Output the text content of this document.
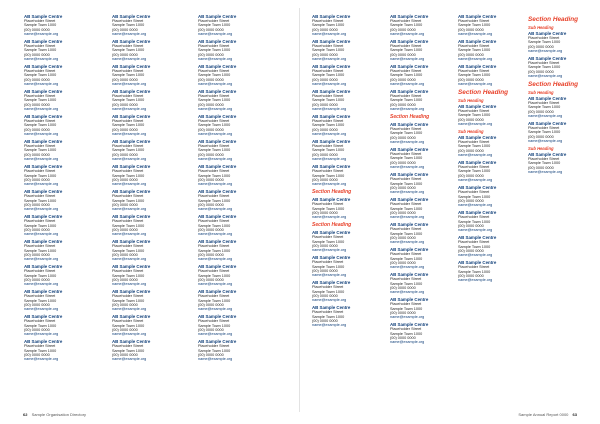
AB Sample Centre
Placeholder Street
Sample Town 1000
(00) 0000 0000
name@example.org
AB Sample Centre
Placeholder Street
Sample Town 1000
(00) 0000 0000
name@example.org
AB Sample Centre
Placeholder Street
Sample Town 1000
(00) 0000 0000
name@example.org
AB Sample Centre
Placeholder Street
Sample Town 1000
(00) 0000 0000
name@example.org
AB Sample Centre
Placeholder Street
Sample Town 1000
(00) 0000 0000
name@example.org
AB Sample Centre
Placeholder Street
Sample Town 1000
(00) 0000 0000
name@example.org
AB Sample Centre
Placeholder Street
Sample Town 1000
(00) 0000 0000
name@example.org
AB Sample Centre
Placeholder Street
Sample Town 1000
(00) 0000 0000
name@example.org
AB Sample Centre
Placeholder Street
Sample Town 1000
(00) 0000 0000
name@example.org
AB Sample Centre
Placeholder Street
Sample Town 1000
(00) 0000 0000
name@example.org
AB Sample Centre
Placeholder Street
Sample Town 1000
(00) 0000 0000
name@example.org
AB Sample Centre
Placeholder Street
Sample Town 1000
(00) 0000 0000
name@example.org
AB Sample Centre
Placeholder Street
Sample Town 1000
(00) 0000 0000
name@example.org
AB Sample Centre
Placeholder Street
Sample Town 1000
(00) 0000 0000
name@example.org
AB Sample Centre
Placeholder Street
Sample Town 1000
(00) 0000 0000
name@example.org
AB Sample Centre
Placeholder Street
Sample Town 1000
(00) 0000 0000
name@example.org
AB Sample Centre
Placeholder Street
Sample Town 1000
(00) 0000 0000
name@example.org
AB Sample Centre
Placeholder Street
Sample Town 1000
(00) 0000 0000
name@example.org
AB Sample Centre
Placeholder Street
Sample Town 1000
(00) 0000 0000
name@example.org
AB Sample Centre
Placeholder Street
Sample Town 1000
(00) 0000 0000
name@example.org
AB Sample Centre
Placeholder Street
Sample Town 1000
(00) 0000 0000
name@example.org
AB Sample Centre
Placeholder Street
Sample Town 1000
(00) 0000 0000
name@example.org
AB Sample Centre
Placeholder Street
Sample Town 1000
(00) 0000 0000
name@example.org
AB Sample Centre
Placeholder Street
Sample Town 1000
(00) 0000 0000
name@example.org
AB Sample Centre
Placeholder Street
Sample Town 1000
(00) 0000 0000
name@example.org
AB Sample Centre
Placeholder Street
Sample Town 1000
(00) 0000 0000
name@example.org
AB Sample Centre
Placeholder Street
Sample Town 1000
(00) 0000 0000
name@example.org
AB Sample Centre
Placeholder Street
Sample Town 1000
(00) 0000 0000
name@example.org
AB Sample Centre
Placeholder Street
Sample Town 1000
(00) 0000 0000
name@example.org
AB Sample Centre
Placeholder Street
Sample Town 1000
(00) 0000 0000
name@example.org
AB Sample Centre
Placeholder Street
Sample Town 1000
(00) 0000 0000
name@example.org
AB Sample Centre
Placeholder Street
Sample Town 1000
(00) 0000 0000
name@example.org
AB Sample Centre
Placeholder Street
Sample Town 1000
(00) 0000 0000
name@example.org
AB Sample Centre
Placeholder Street
Sample Town 1000
(00) 0000 0000
name@example.org
AB Sample Centre
Placeholder Street
Sample Town 1000
(00) 0000 0000
name@example.org
AB Sample Centre
Placeholder Street
Sample Town 1000
(00) 0000 0000
name@example.org
AB Sample Centre
Placeholder Street
Sample Town 1000
(00) 0000 0000
name@example.org
AB Sample Centre
Placeholder Street
Sample Town 1000
(00) 0000 0000
name@example.org
AB Sample Centre
Placeholder Street
Sample Town 1000
(00) 0000 0000
name@example.org
AB Sample Centre
Placeholder Street
Sample Town 1000
(00) 0000 0000
name@example.org
AB Sample Centre
Placeholder Street
Sample Town 1000
(00) 0000 0000
name@example.org
AB Sample Centre
Placeholder Street
Sample Town 1000
(00) 0000 0000
name@example.org
AB Sample Centre
Placeholder Street
Sample Town 1000
(00) 0000 0000
name@example.org
AB Sample Centre
Placeholder Street
Sample Town 1000
(00) 0000 0000
name@example.org
AB Sample Centre
Placeholder Street
Sample Town 1000
(00) 0000 0000
name@example.org
AB Sample Centre
Placeholder Street
Sample Town 1000
(00) 0000 0000
name@example.org
AB Sample Centre
Placeholder Street
Sample Town 1000
(00) 0000 0000
name@example.org
AB Sample Centre
Placeholder Street
Sample Town 1000
(00) 0000 0000
name@example.org
AB Sample Centre
Placeholder Street
Sample Town 1000
(00) 0000 0000
name@example.org
Section Heading
AB Sample Centre
Placeholder Street
Sample Town 1000
(00) 0000 0000
name@example.org
Section Heading
AB Sample Centre
Placeholder Street
Sample Town 1000
(00) 0000 0000
name@example.org
AB Sample Centre
Placeholder Street
Sample Town 1000
(00) 0000 0000
name@example.org
AB Sample Centre
Placeholder Street
Sample Town 1000
(00) 0000 0000
name@example.org
AB Sample Centre
Placeholder Street
Sample Town 1000
(00) 0000 0000
name@example.org
AB Sample Centre
Placeholder Street
Sample Town 1000
(00) 0000 0000
name@example.org
AB Sample Centre
Placeholder Street
Sample Town 1000
(00) 0000 0000
name@example.org
AB Sample Centre
Placeholder Street
Sample Town 1000
(00) 0000 0000
name@example.org
AB Sample Centre
Placeholder Street
Sample Town 1000
(00) 0000 0000
name@example.org
Section Heading
AB Sample Centre
Placeholder Street
Sample Town 1000
(00) 0000 0000
name@example.org
AB Sample Centre
Placeholder Street
Sample Town 1000
(00) 0000 0000
name@example.org
AB Sample Centre
Placeholder Street
Sample Town 1000
(00) 0000 0000
name@example.org
AB Sample Centre
Placeholder Street
Sample Town 1000
(00) 0000 0000
name@example.org
AB Sample Centre
Placeholder Street
Sample Town 1000
(00) 0000 0000
name@example.org
AB Sample Centre
Placeholder Street
Sample Town 1000
(00) 0000 0000
name@example.org
AB Sample Centre
Placeholder Street
Sample Town 1000
(00) 0000 0000
name@example.org
AB Sample Centre
Placeholder Street
Sample Town 1000
(00) 0000 0000
name@example.org
AB Sample Centre
Placeholder Street
Sample Town 1000
(00) 0000 0000
name@example.org
AB Sample Centre
Placeholder Street
Sample Town 1000
(00) 0000 0000
name@example.org
AB Sample Centre
Placeholder Street
Sample Town 1000
(00) 0000 0000
name@example.org
AB Sample Centre
Placeholder Street
Sample Town 1000
(00) 0000 0000
name@example.org
Section Heading
Sub Heading
AB Sample Centre
Placeholder Street
Sample Town 1000
(00) 0000 0000
name@example.org
Sub Heading
AB Sample Centre
Placeholder Street
Sample Town 1000
(00) 0000 0000
name@example.org
AB Sample Centre
Placeholder Street
Sample Town 1000
(00) 0000 0000
name@example.org
AB Sample Centre
Placeholder Street
Sample Town 1000
(00) 0000 0000
name@example.org
AB Sample Centre
Placeholder Street
Sample Town 1000
(00) 0000 0000
name@example.org
AB Sample Centre
Placeholder Street
Sample Town 1000
(00) 0000 0000
name@example.org
AB Sample Centre
Placeholder Street
Sample Town 1000
(00) 0000 0000
name@example.org
Section Heading
Sub Heading
AB Sample Centre
Placeholder Street
Sample Town 1000
(00) 0000 0000
name@example.org
AB Sample Centre
Placeholder Street
Sample Town 1000
(00) 0000 0000
name@example.org
Section Heading
Sub Heading
AB Sample Centre
Placeholder Street
Sample Town 1000
(00) 0000 0000
name@example.org
AB Sample Centre
Placeholder Street
Sample Town 1000
(00) 0000 0000
name@example.org
Sub Heading
AB Sample Centre
Placeholder Street
Sample Town 1000
(00) 0000 0000
name@example.org
62 Sample Organisation Directory	Sample Annual Report 0000 63
